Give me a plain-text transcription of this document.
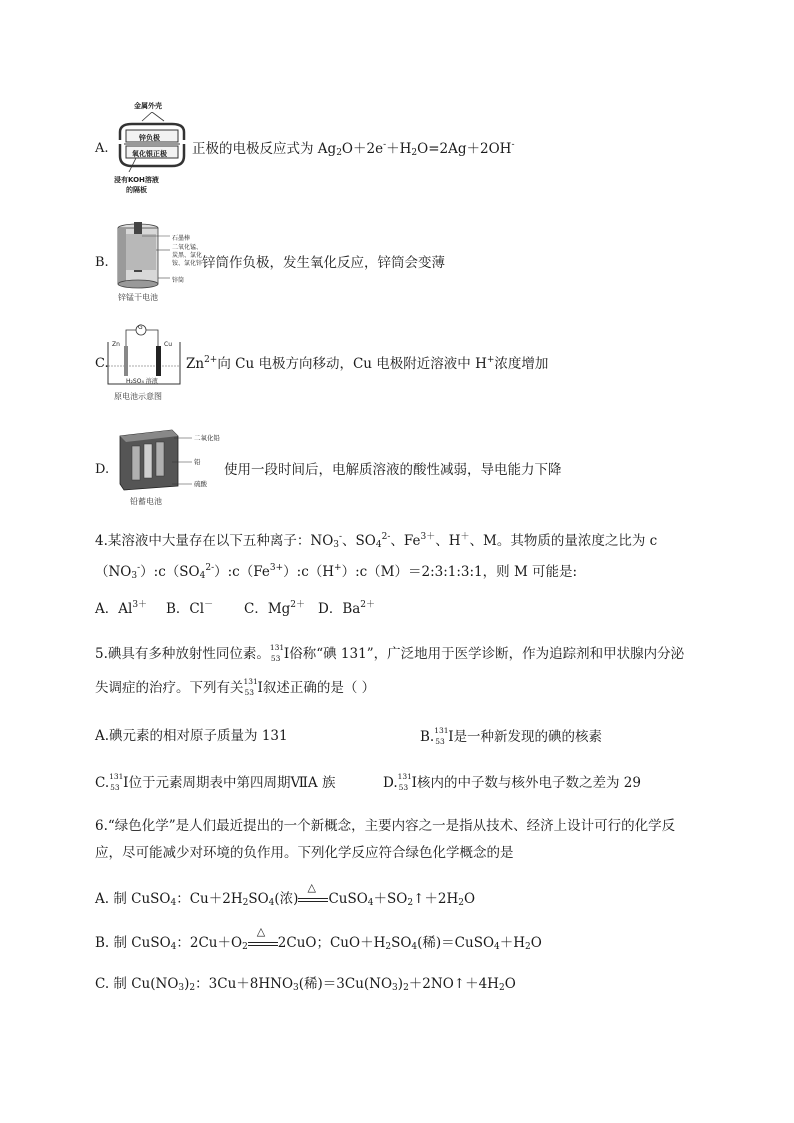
A.
金属外壳
锌负极
氧化银正极
浸有KOH溶液
的隔板
正极的电极反应式为 $Ag_2O+2e^-+H_2O=2Ag+2OH^-$
B.
石墨棒
二氧化锰、
炭黑、氯化
铵、氯化锌
锌筒
锌锰干电池
锌筒作负极，发生氧化反应，锌筒会变薄
C.
G
Zn	Cu
H₂SO₄ 溶液
原电池示意图
$Zn^{2+}$向 Cu 电极方向移动，Cu 电极附近溶液中 H+浓度增加
D.
二氧化铅
铅
硫酸
铅蓄电池
使用一段时间后，电解质溶液的酸性减弱，导电能力下降
4.某溶液中大量存在以下五种离子：$NO_3^-$、$SO_4^{2-}$、$Fe^{3+}$、H＋、M。其物质的量浓度之比为 c
$(NO_3^-):c(SO_4^{2-}):c(Fe^{3+}):c(H^+):c(M)=2:3:1:3:1$，则 M 可能是:
A．$Al^{3+}$ B．Cl－ C．$Mg^{2+}$ D．$Ba^{2+}$
5.碘具有多种放射性同位素。 131
53 I俗称“碘 131”，广泛地用于医学诊断，作为追踪剂和甲状腺内分泌
失调症的治疗。下列有关 131
53 I叙述正确的是（ ）
A.碘元素的相对原子质量为 131	B. 131
53 I是一种新发现的碘的核素
C. 131
53 I位于元素周期表中第四周期ⅦA 族	D. 131
53 I核内的中子数与核外电子数之差为 29
6.“绿色化学”是人们最近提出的一个新概念，主要内容之一是指从技术、经济上设计可行的化学反
应，尽可能减少对环境的负作用。下列化学反应符合绿色化学概念的是
A. 制 CuSO$_4$：$Cu+2H_2SO_4$(浓)
△
$CuSO_4+SO_2↑+2H_2O$
B. 制 CuSO$_4$：$2Cu+O_2$
△
2CuO；$CuO+H_2SO_4$(稀)$=CuSO_4+H_2O$
C. 制 $Cu(NO_3)_2$：$3Cu+8HNO_3$(稀)$=3Cu(NO_3)_2+2NO↑+4H_2O$
